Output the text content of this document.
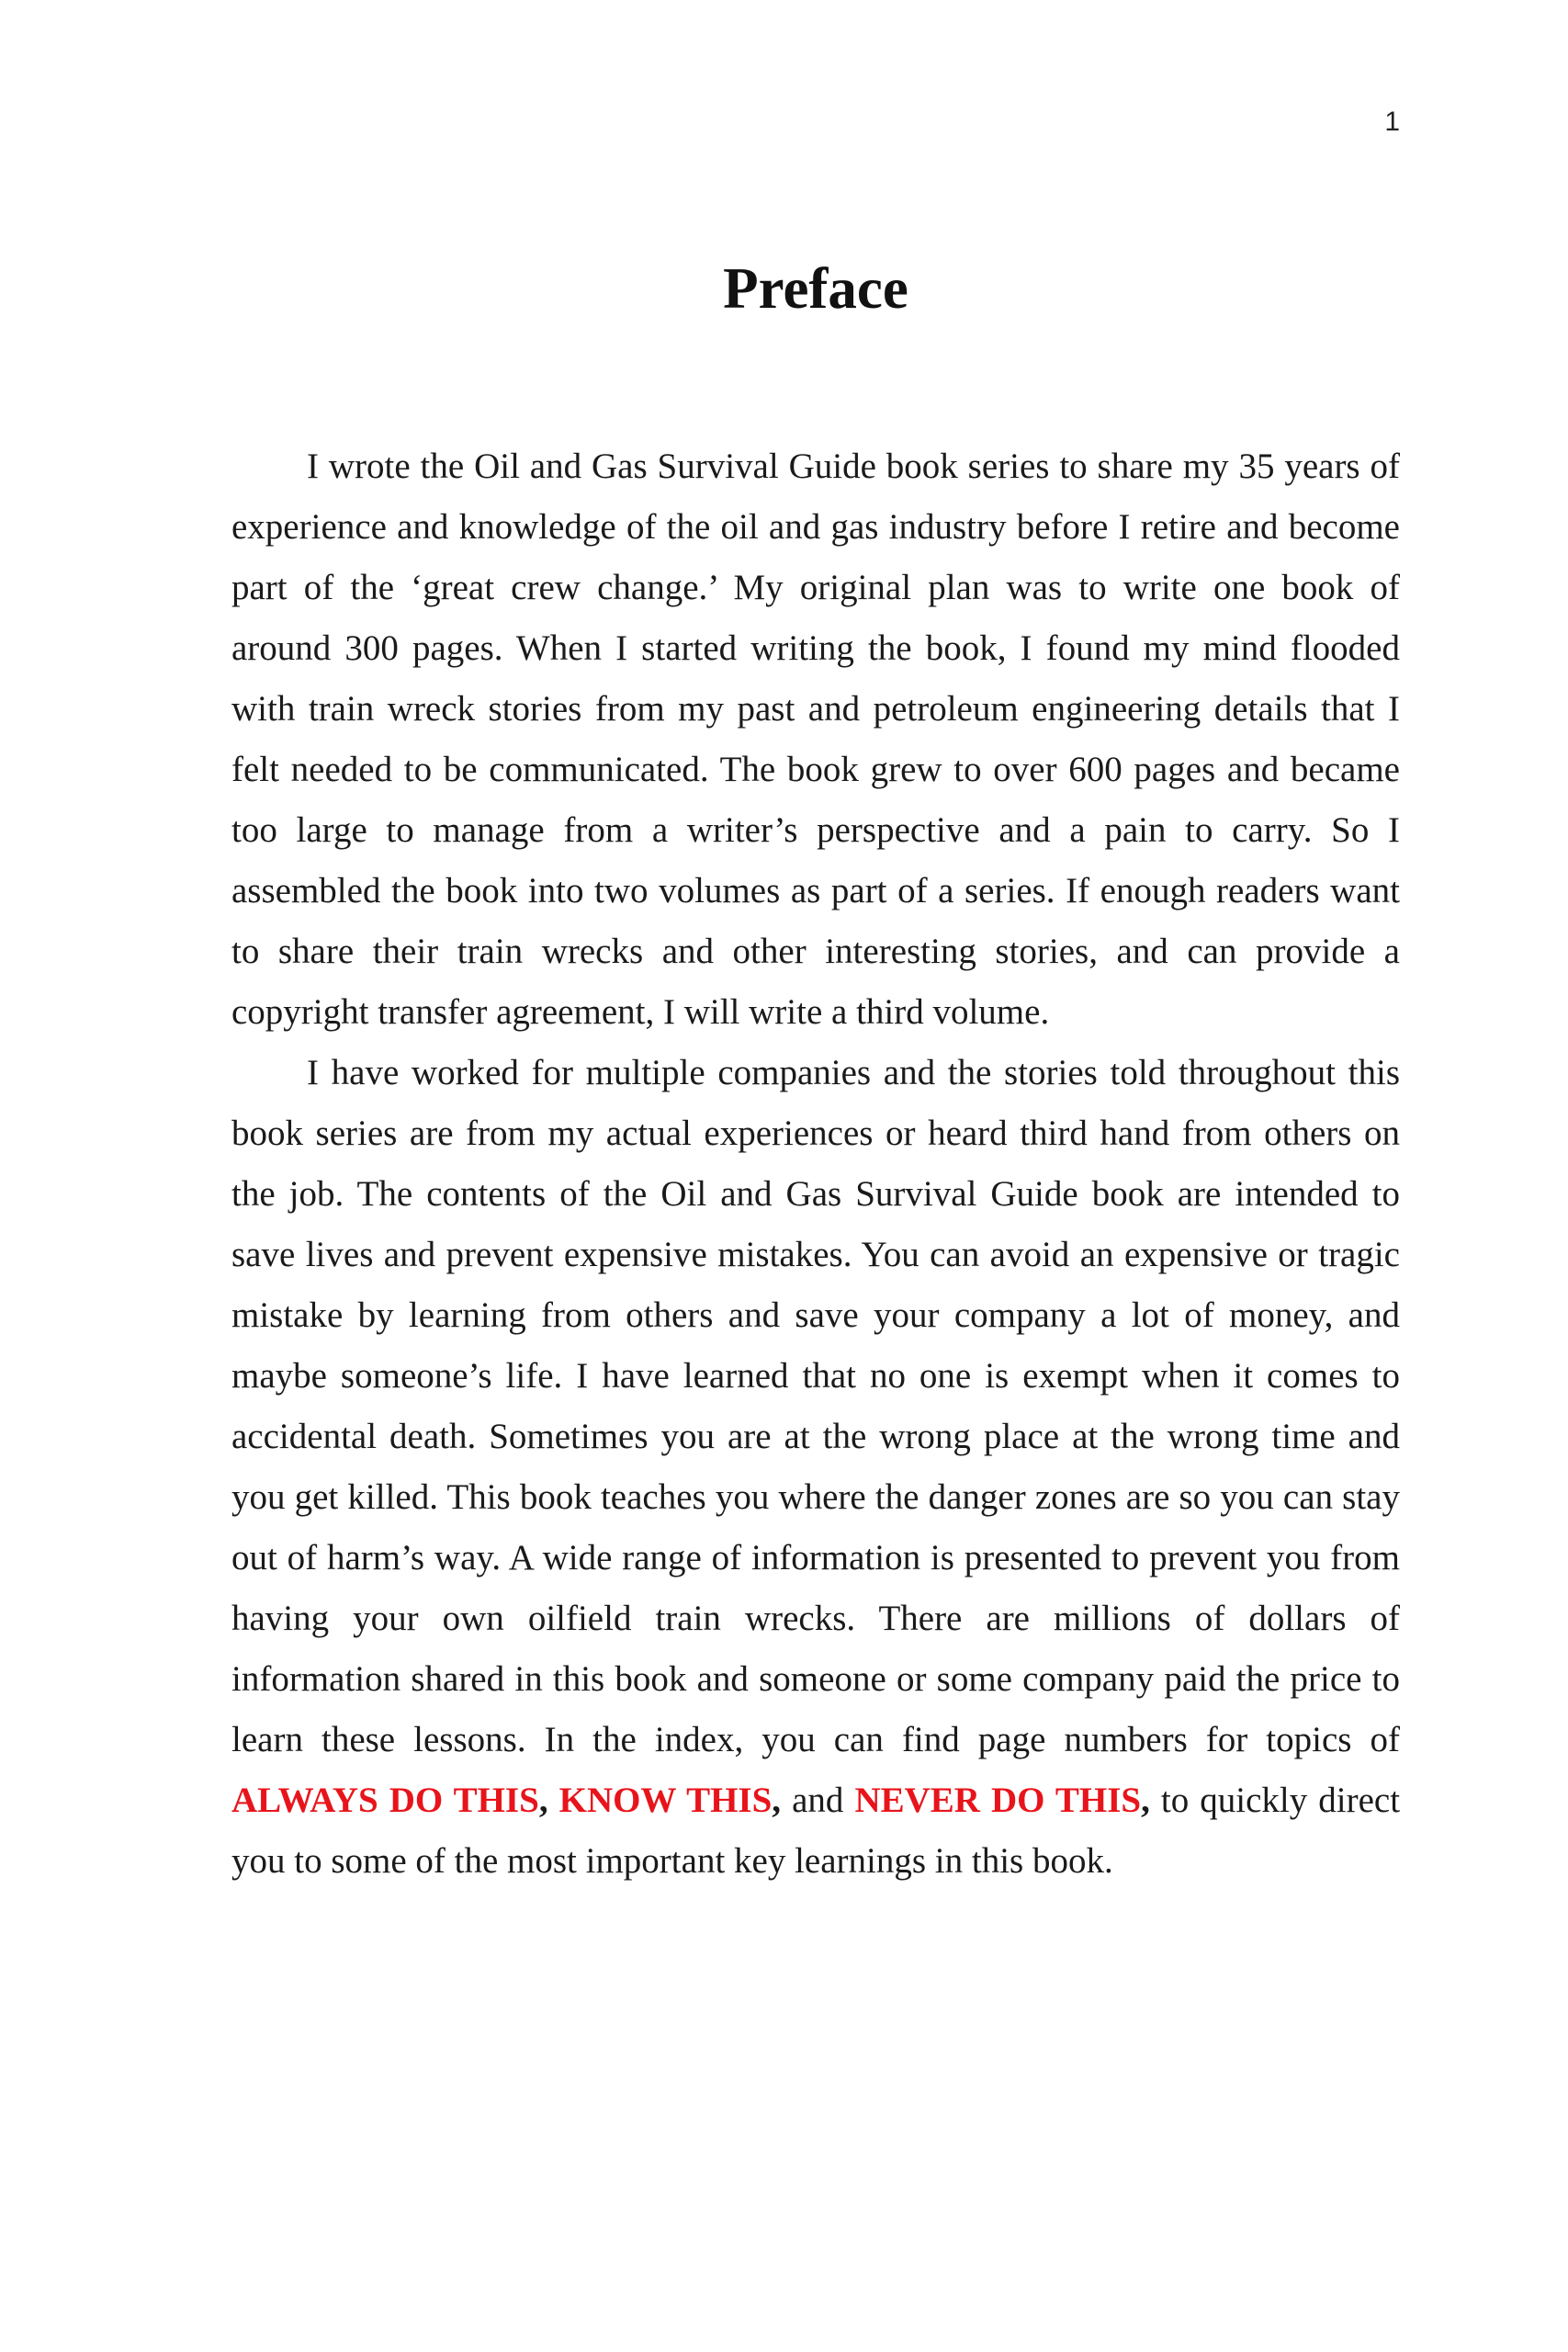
1
Preface

I wrote the Oil and Gas Survival Guide book series to share my 35 years of experience and knowledge of the oil and gas industry before I retire and become part of the ‘great crew change.’ My original plan was to write one book of around 300 pages. When I started writing the book, I found my mind flooded with train wreck stories from my past and petroleum engineering details that I felt needed to be communicated. The book grew to over 600 pages and became too large to manage from a writer’s perspective and a pain to carry. So I assembled the book into two volumes as part of a series. If enough readers want to share their train wrecks and other interesting stories, and can provide a copyright transfer agreement, I will write a third volume.

I have worked for multiple companies and the stories told throughout this book series are from my actual experiences or heard third hand from others on the job. The contents of the Oil and Gas Survival Guide book are intended to save lives and prevent expensive mistakes. You can avoid an expensive or tragic mistake by learning from others and save your company a lot of money, and maybe someone’s life. I have learned that no one is exempt when it comes to accidental death. Sometimes you are at the wrong place at the wrong time and you get killed. This book teaches you where the danger zones are so you can stay out of harm’s way. A wide range of information is presented to prevent you from having your own oilfield train wrecks. There are millions of dollars of information shared in this book and someone or some company paid the price to learn these lessons. In the index, you can find page numbers for topics of ALWAYS DO THIS, KNOW THIS, and NEVER DO THIS, to quickly direct you to some of the most important key learnings in this book.
